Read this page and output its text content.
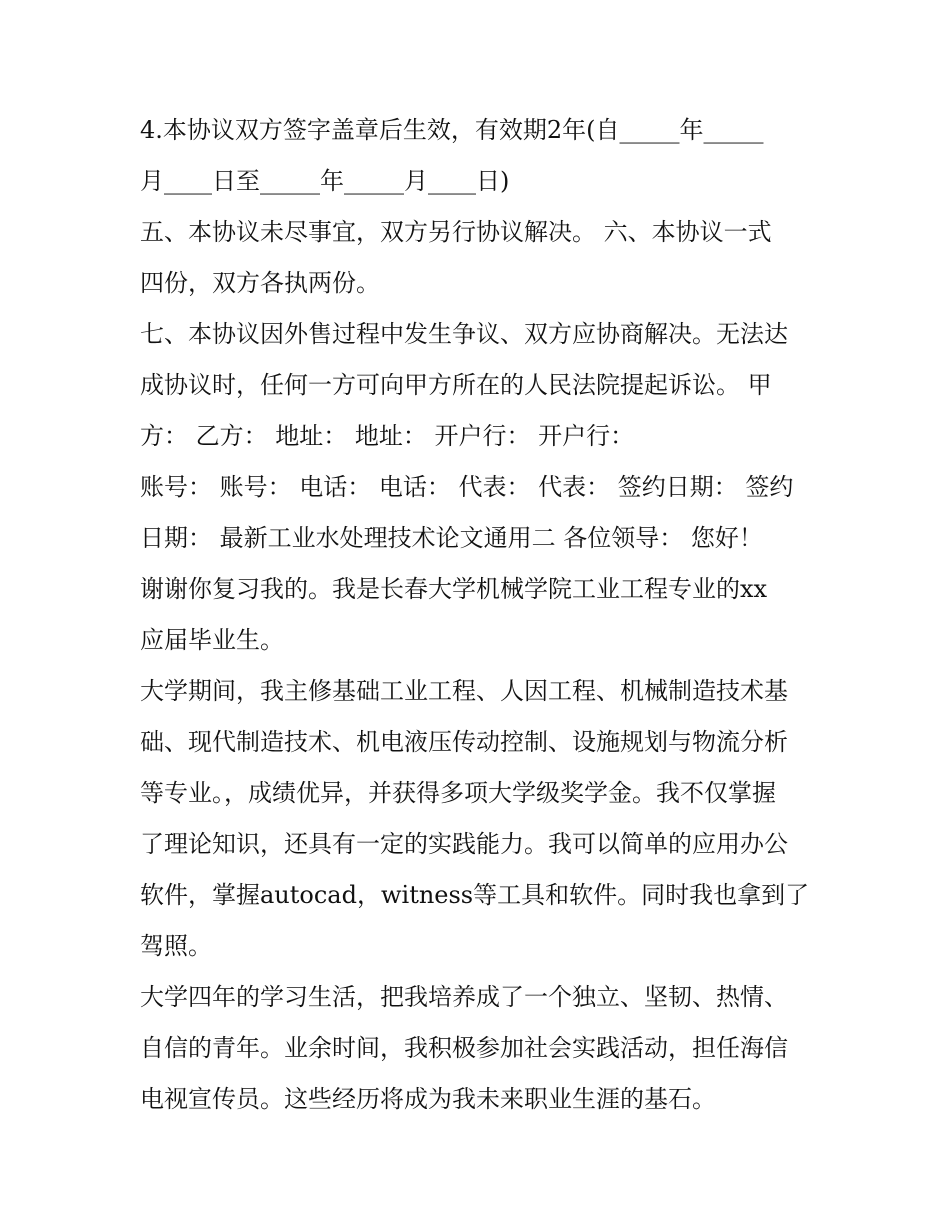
4.本协议双方签字盖章后生效，有效期2年(自_____年_____
月____日至_____年_____月____日)
五、本协议未尽事宜，双方另行协议解决。 六、本协议一式
四份，双方各执两份。
七、本协议因外售过程中发生争议、双方应协商解决。无法达
成协议时，任何一方可向甲方所在的人民法院提起诉讼。 甲
方： 乙方： 地址： 地址： 开户行： 开户行：
账号： 账号： 电话： 电话： 代表： 代表： 签约日期： 签约
日期： 最新工业水处理技术论文通用二 各位领导： 您好！
谢谢你复习我的。我是长春大学机械学院工业工程专业的xx
应届毕业生。
大学期间，我主修基础工业工程、人因工程、机械制造技术基
础、现代制造技术、机电液压传动控制、设施规划与物流分析
等专业。，成绩优异，并获得多项大学级奖学金。我不仅掌握
了理论知识，还具有一定的实践能力。我可以简单的应用办公
软件，掌握autocad，witness等工具和软件。同时我也拿到了
驾照。
大学四年的学习生活，把我培养成了一个独立、坚韧、热情、
自信的青年。业余时间，我积极参加社会实践活动，担任海信
电视宣传员。这些经历将成为我未来职业生涯的基石。
